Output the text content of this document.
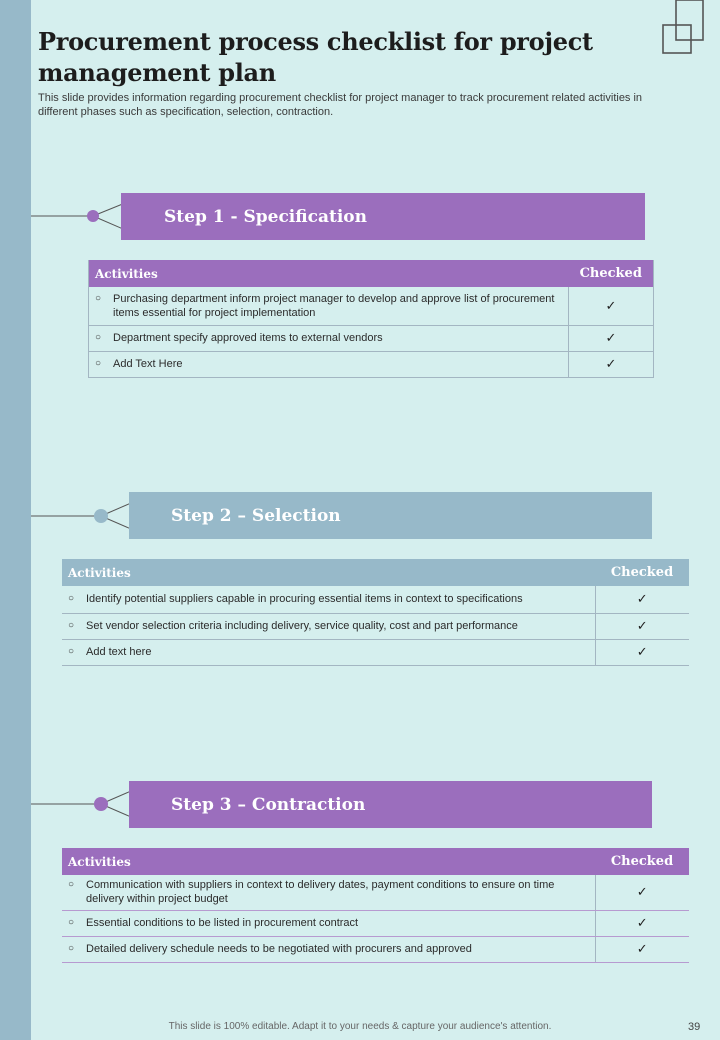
Procurement process checklist for project management plan

This slide provides information regarding procurement checklist for project manager to track procurement related activities in different phases such as specification, selection, contraction.

Step 1 - Specification
Activities	Checked

○ Purchasing department inform project manager to develop and approve list of procurement items essential for project implementation	✓

○ Department specify approved items to external vendors	✓

○ Add Text Here	✓
Step 2 – Selection
Activities	Checked

○ Identify potential suppliers capable in procuring essential items in context to specifications	✓

○ Set vendor selection criteria including delivery, service quality, cost and part performance	✓

○ Add text here	✓
Step 3 – Contraction
Activities	Checked

○ Communication with suppliers in context to delivery dates, payment conditions to ensure on time delivery within project budget	✓

○ Essential conditions to be listed in procurement contract	✓

○ Detailed delivery schedule needs to be negotiated with procurers and approved	✓
This slide is 100% editable. Adapt it to your needs & capture your audience's attention.	39
